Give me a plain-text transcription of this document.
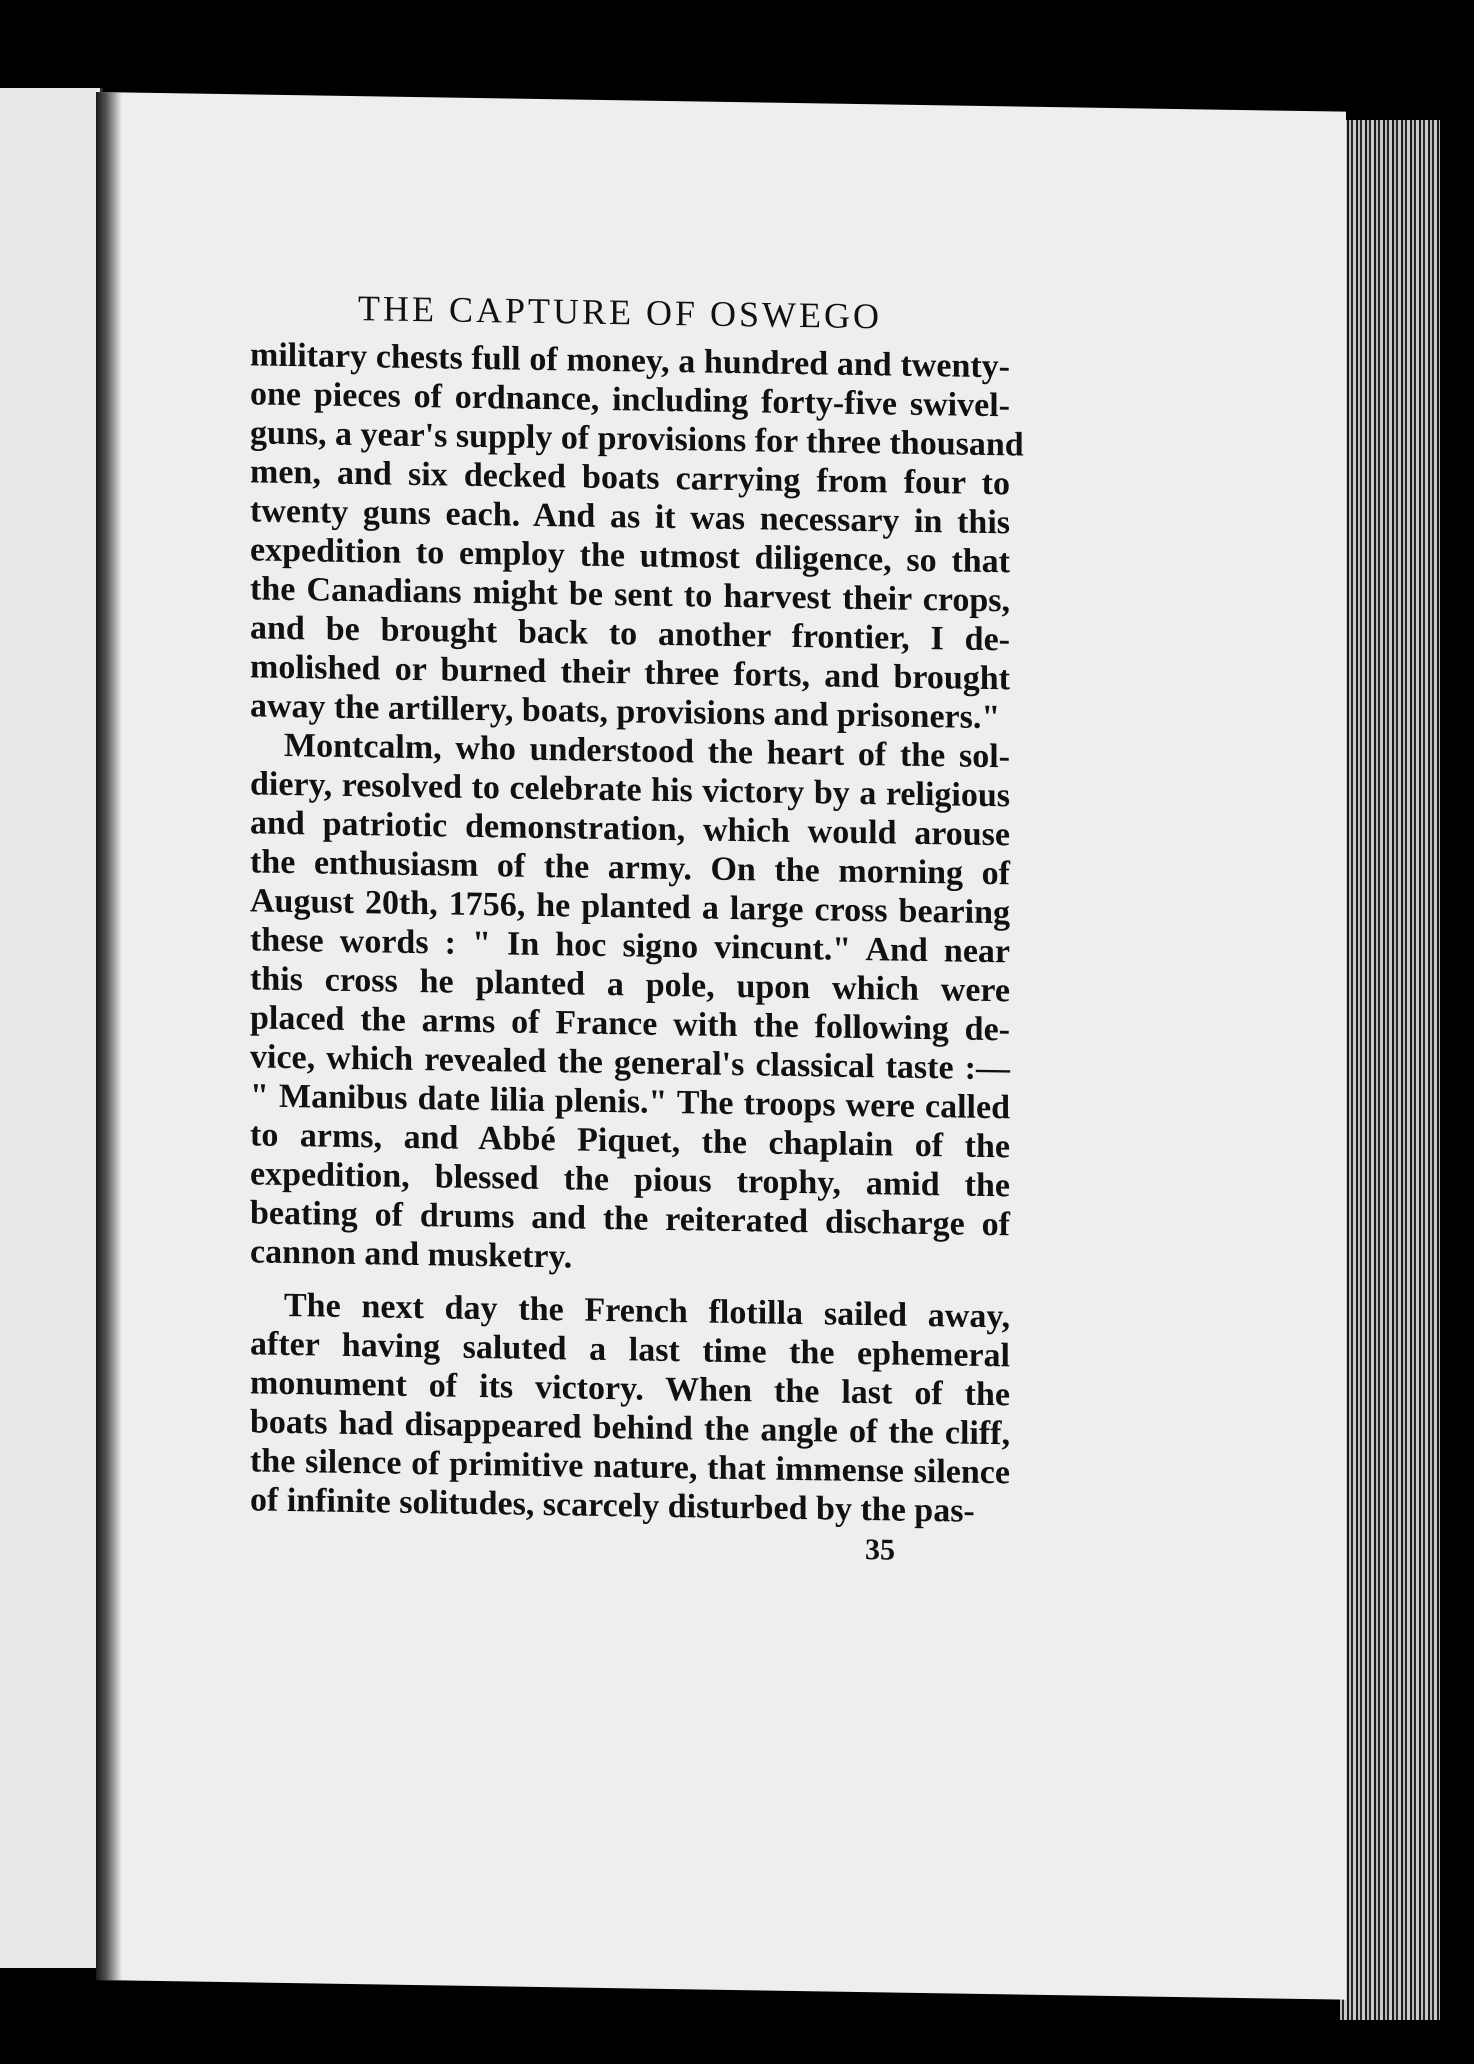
THE CAPTURE OF OSWEGO
military chests full of money, a hundred and twenty-
one pieces of ordnance, including forty-five swivel-
guns, a year's supply of provisions for three thousand
men, and six decked boats carrying from four to
twenty guns each. And as it was necessary in this
expedition to employ the utmost diligence, so that
the Canadians might be sent to harvest their crops,
and be brought back to another frontier, I de-
molished or burned their three forts, and brought
away the artillery, boats, provisions and prisoners."
Montcalm, who understood the heart of the sol-
diery, resolved to celebrate his victory by a religious
and patriotic demonstration, which would arouse
the enthusiasm of the army. On the morning of
August 20th, 1756, he planted a large cross bearing
these words : " In hoc signo vincunt." And near
this cross he planted a pole, upon which were
placed the arms of France with the following de-
vice, which revealed the general's classical taste :—
" Manibus date lilia plenis." The troops were called
to arms, and Abbé Piquet, the chaplain of the
expedition, blessed the pious trophy, amid the
beating of drums and the reiterated discharge of
cannon and musketry.
The next day the French flotilla sailed away,
after having saluted a last time the ephemeral
monument of its victory. When the last of the
boats had disappeared behind the angle of the cliff,
the silence of primitive nature, that immense silence
of infinite solitudes, scarcely disturbed by the pas-
35
